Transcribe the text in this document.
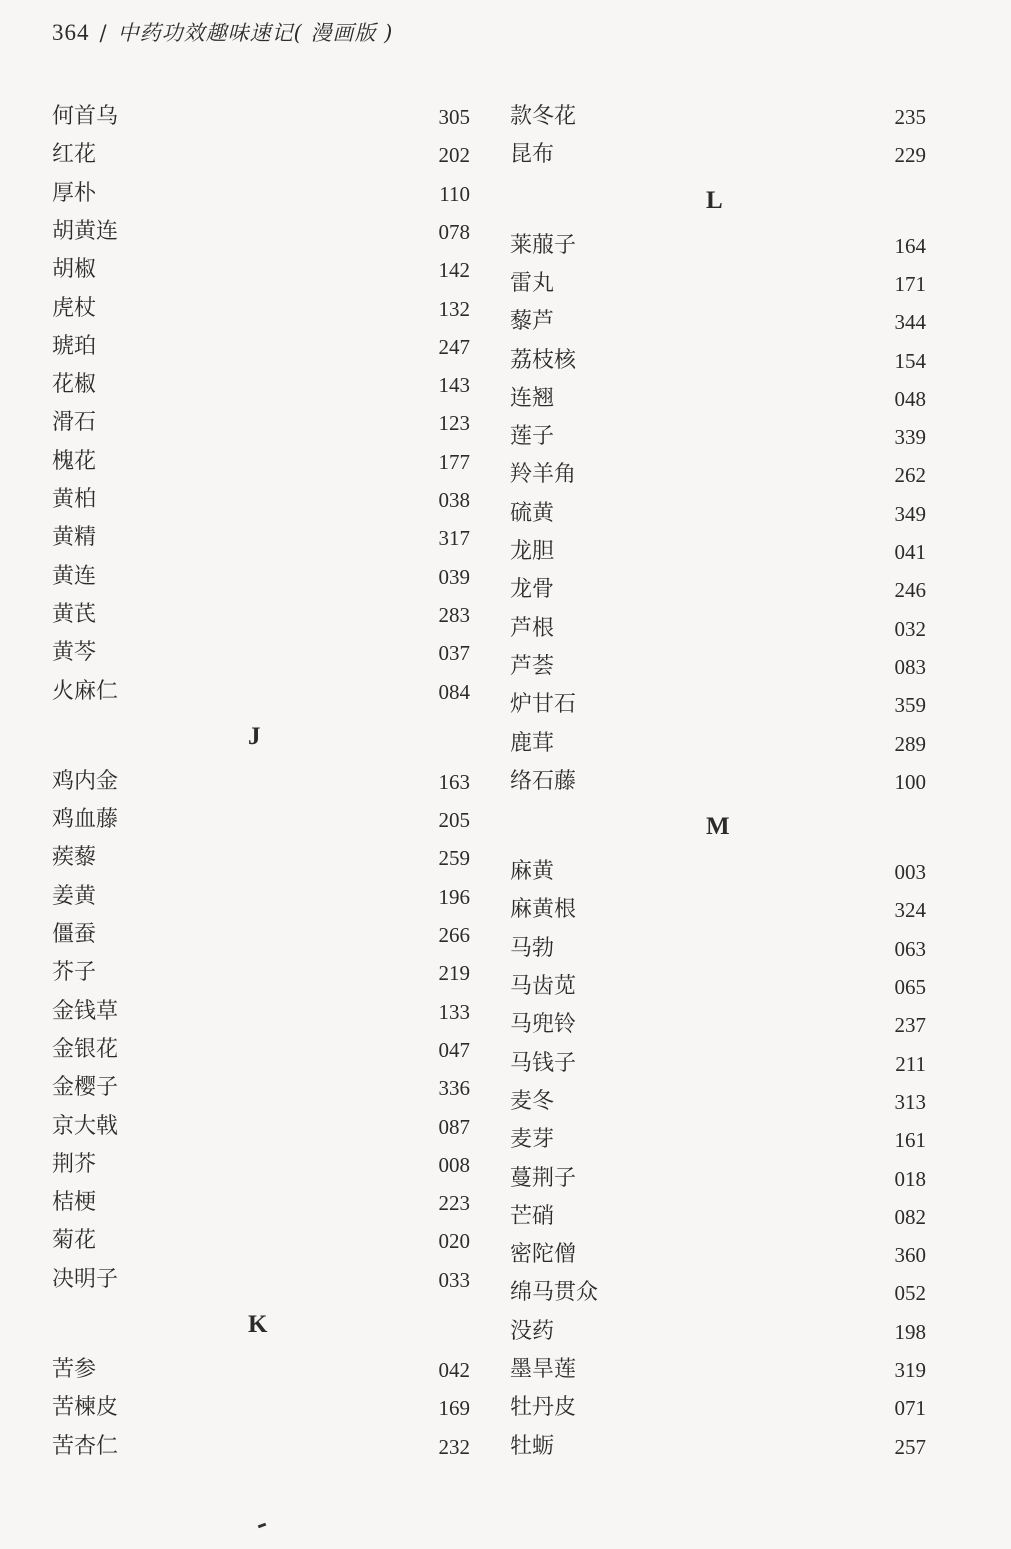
364 / 中药功效趣味速记( 漫画版 )
何首乌	305
红花	202
厚朴	110
胡黄连	078
胡椒	142
虎杖	132
琥珀	247
花椒	143
滑石	123
槐花	177
黄柏	038
黄精	317
黄连	039
黄芪	283
黄芩	037
火麻仁	084
J
鸡内金	163
鸡血藤	205
蒺藜	259
姜黄	196
僵蚕	266
芥子	219
金钱草	133
金银花	047
金樱子	336
京大戟	087
荆芥	008
桔梗	223
菊花	020
决明子	033
K
苦参	042
苦楝皮	169
苦杏仁	232
款冬花	235
昆布	229
L
莱菔子	164
雷丸	171
藜芦	344
荔枝核	154
连翘	048
莲子	339
羚羊角	262
硫黄	349
龙胆	041
龙骨	246
芦根	032
芦荟	083
炉甘石	359
鹿茸	289
络石藤	100
M
麻黄	003
麻黄根	324
马勃	063
马齿苋	065
马兜铃	237
马钱子	211
麦冬	313
麦芽	161
蔓荆子	018
芒硝	082
密陀僧	360
绵马贯众	052
没药	198
墨旱莲	319
牡丹皮	071
牡蛎	257
